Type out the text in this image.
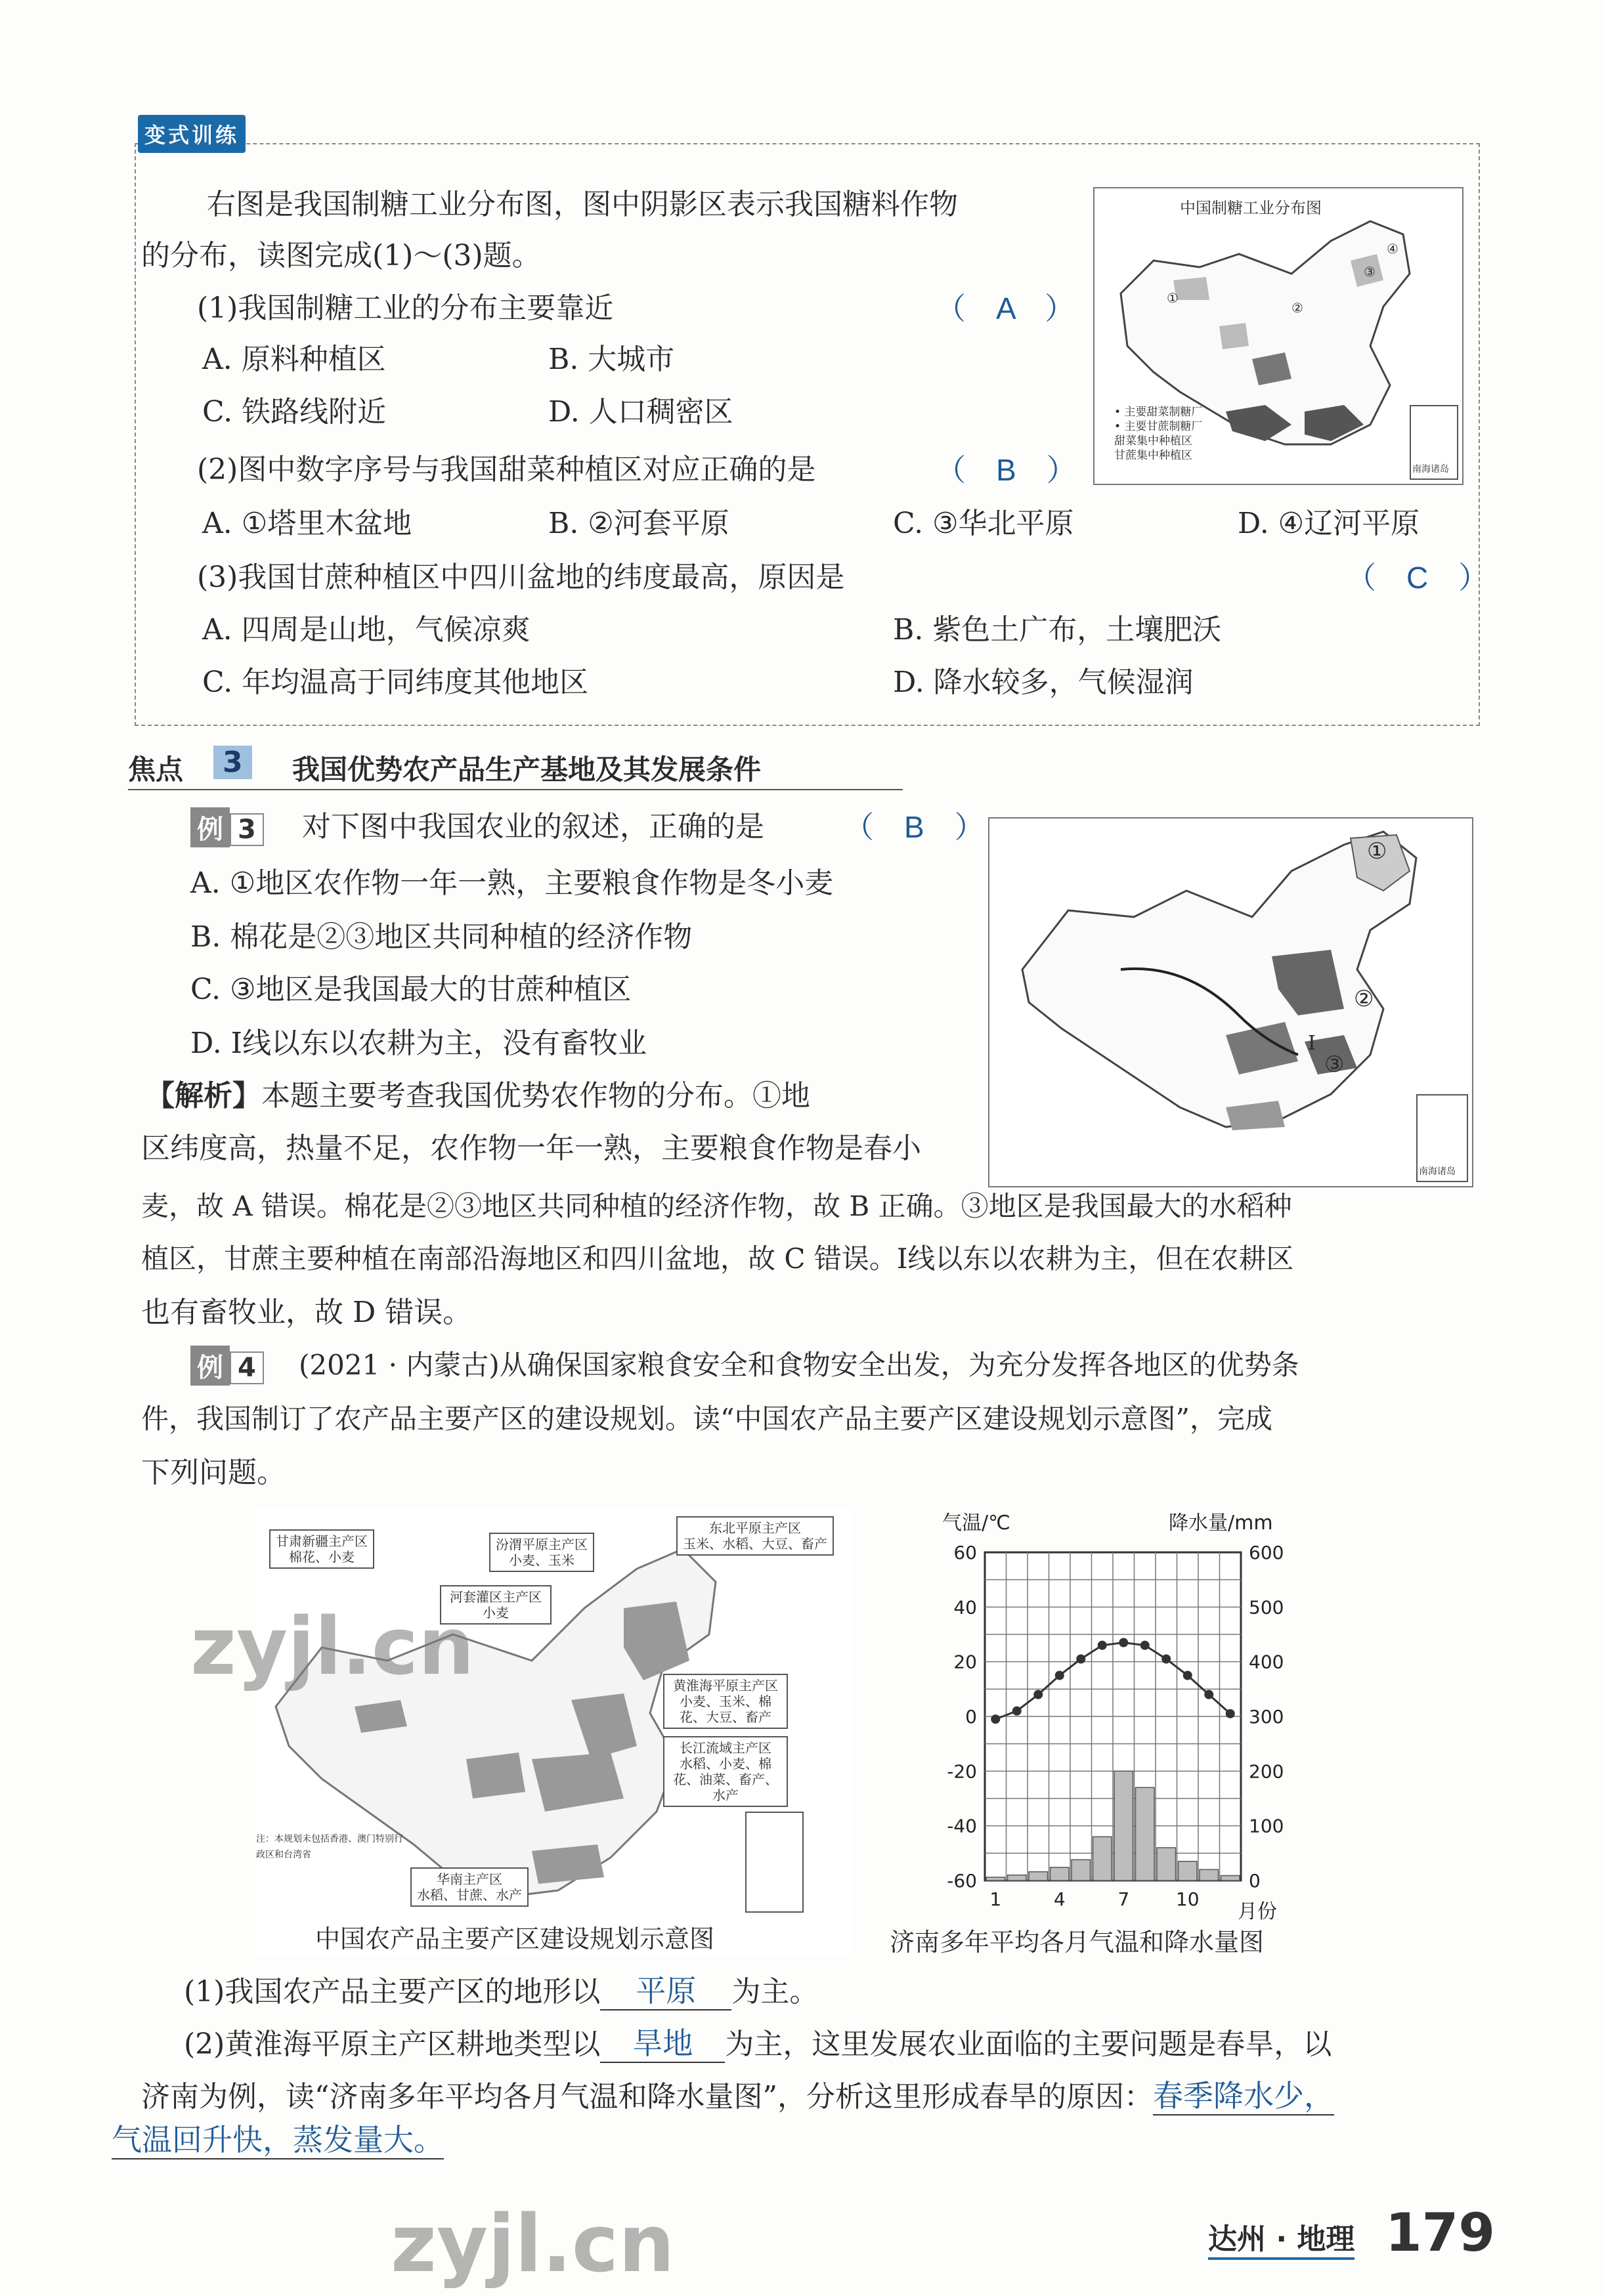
变式训练
右图是我国制糖工业分布图，图中阴影区表示我国糖料作物
的分布，读图完成(1)～(3)题。
(1)我国制糖工业的分布主要靠近	（　A　）
A. 原料种植区	B. 大城市
C. 铁路线附近	D. 人口稠密区
(2)图中数字序号与我国甜菜种植区对应正确的是	（　B　）
A. ①塔里木盆地	B. ②河套平原	C. ③华北平原	D. ④辽河平原
(3)我国甘蔗种植区中四川盆地的纬度最高，原因是	（　C　）
A. 四周是山地，气候凉爽	B. 紫色土广布，土壤肥沃
C. 年均温高于同纬度其他地区	D. 降水较多，气候湿润
中国制糖工业分布图
①
②
③
④
• 主要甜菜制糖厂
• 主要甘蔗制糖厂
甜菜集中种植区
甘蔗集中种植区
南海诸岛
焦点	3	我国优势农产品生产基地及其发展条件
例 3 对下图中我国农业的叙述，正确的是	（　B　）
A. ①地区农作物一年一熟，主要粮食作物是冬小麦
B. 棉花是②③地区共同种植的经济作物
C. ③地区是我国最大的甘蔗种植区
D. Ⅰ线以东以农耕为主，没有畜牧业
【解析】本题主要考查我国优势农作物的分布。①地
区纬度高，热量不足，农作物一年一熟，主要粮食作物是春小
麦，故 A 错误。棉花是②③地区共同种植的经济作物，故 B 正确。③地区是我国最大的水稻种
植区，甘蔗主要种植在南部沿海地区和四川盆地，故 C 错误。Ⅰ线以东以农耕为主，但在农耕区
也有畜牧业，故 D 错误。
①
②
③
Ⅰ
南海诸岛
例 4 (2021 · 内蒙古)从确保国家粮食安全和食物安全出发，为充分发挥各地区的优势条
件，我国制订了农产品主要产区的建设规划。读“中国农产品主要产区建设规划示意图”，完成
下列问题。
甘肃新疆主产区
棉花、小麦
汾渭平原主产区
小麦、玉米
东北平原主产区
玉米、水稻、大豆、畜产
河套灌区主产区
小麦
黄淮海平原主产区
小麦、玉米、棉花、大豆、畜产
长江流域主产区
水稻、小麦、棉花、油菜、畜产、水产
华南主产区
水稻、甘蔗、水产
注：本规划未包括香港、澳门特别行政区和台湾省
中国农产品主要产区建设规划示意图
气温/℃	降水量/mm
月份
60
40
20
0
-20
-40
-60
600
500
400
300
200
100
0
1	4	7	10
济南多年平均各月气温和降水量图
(1)我国农产品主要产区的地形以 平原 为主。
(2)黄淮海平原主产区耕地类型以 旱地 为主，这里发展农业面临的主要问题是春旱，以
济南为例，读“济南多年平均各月气温和降水量图”，分析这里形成春旱的原因：春季降水少，
气温回升快，蒸发量大。
zyjl.cn
zyjl.cn	达州 · 地理 179
